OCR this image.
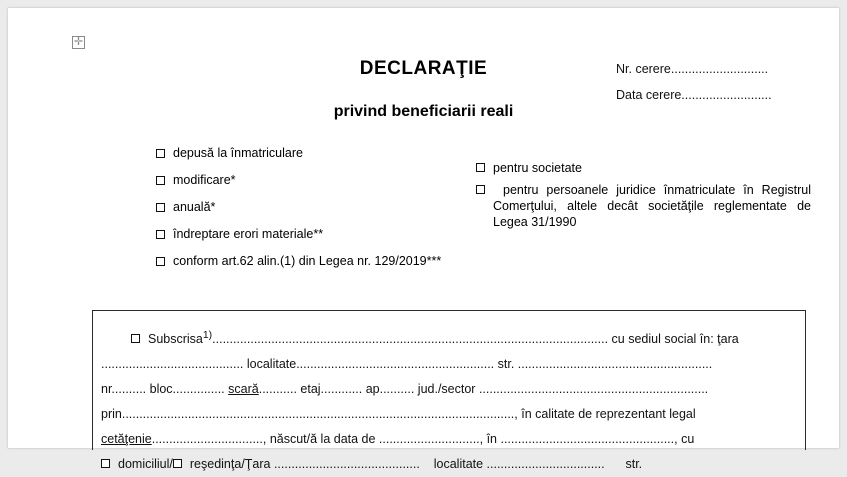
✛
DECLARAŢIE
privind beneficiarii reali
Nr. cerere............................
Data cerere..........................
depusă la înmatriculare
modificare*
anuală*
îndreptare erori materiale**
conform art.62 alin.(1) din Legea nr. 129/2019***
pentru societate
pentru persoanele juridice înmatriculate în Registrul Comerţului, altele decât societăţile reglementate de Legea 31/1990
Subscrisa$^{1)}$.................................................................................................................. cu sediul social în: ţara
......................................... localitate......................................................... str. ........................................................
nr.......... bloc............... scară........... etaj............ ap.......... jud./sector ..................................................................
prin................................................................................................................., în calitate de reprezentant legal
cetăţenie................................, născut/ă la data de ............................., în .................................................., cu
domiciliul/ reşedinţa/Ţara .......................................... localitate .................................. str.
